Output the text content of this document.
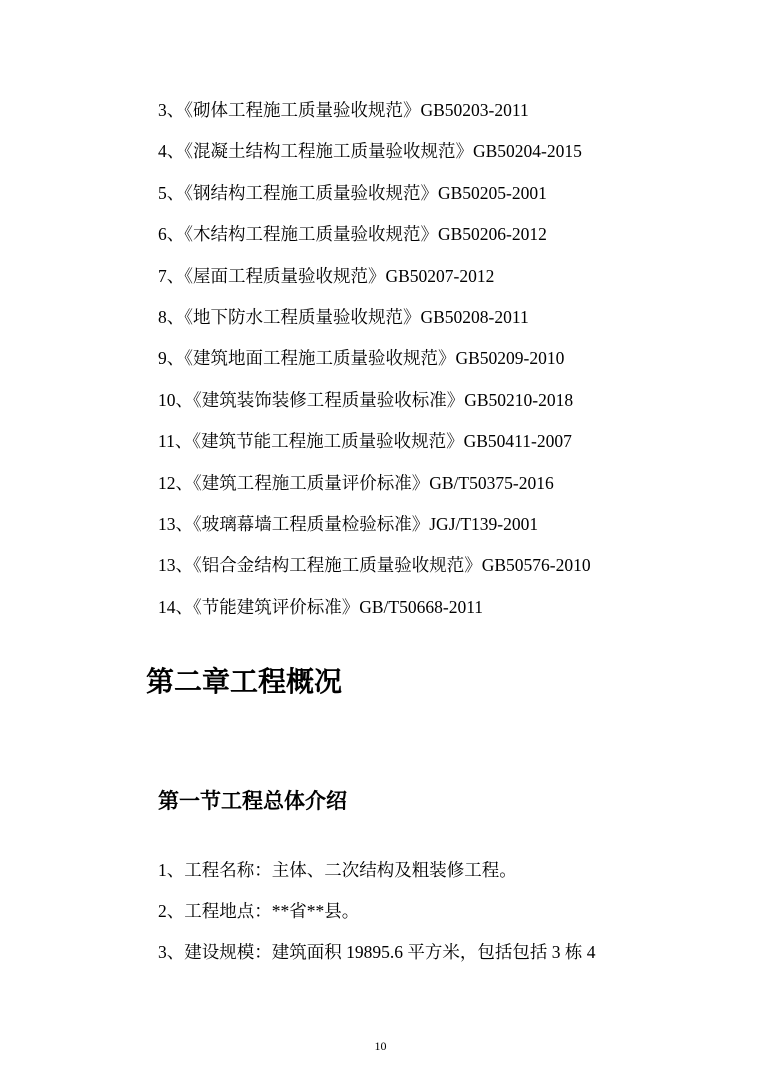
3、《砌体工程施工质量验收规范》GB50203-2011
4、《混凝土结构工程施工质量验收规范》GB50204-2015
5、《钢结构工程施工质量验收规范》GB50205-2001
6、《木结构工程施工质量验收规范》GB50206-2012
7、《屋面工程质量验收规范》GB50207-2012
8、《地下防水工程质量验收规范》GB50208-2011
9、《建筑地面工程施工质量验收规范》GB50209-2010
10、《建筑装饰装修工程质量验收标准》GB50210-2018
11、《建筑节能工程施工质量验收规范》GB50411-2007
12、《建筑工程施工质量评价标准》GB/T50375-2016
13、《玻璃幕墙工程质量检验标准》JGJ/T139-2001
13、《铝合金结构工程施工质量验收规范》GB50576-2010
14、《节能建筑评价标准》GB/T50668-2011
第二章工程概况
第一节工程总体介绍
1、工程名称：主体、二次结构及粗装修工程。
2、工程地点：**省**县。
3、建设规模：建筑面积 19895.6 平方米，包括包括 3 栋 4
10
